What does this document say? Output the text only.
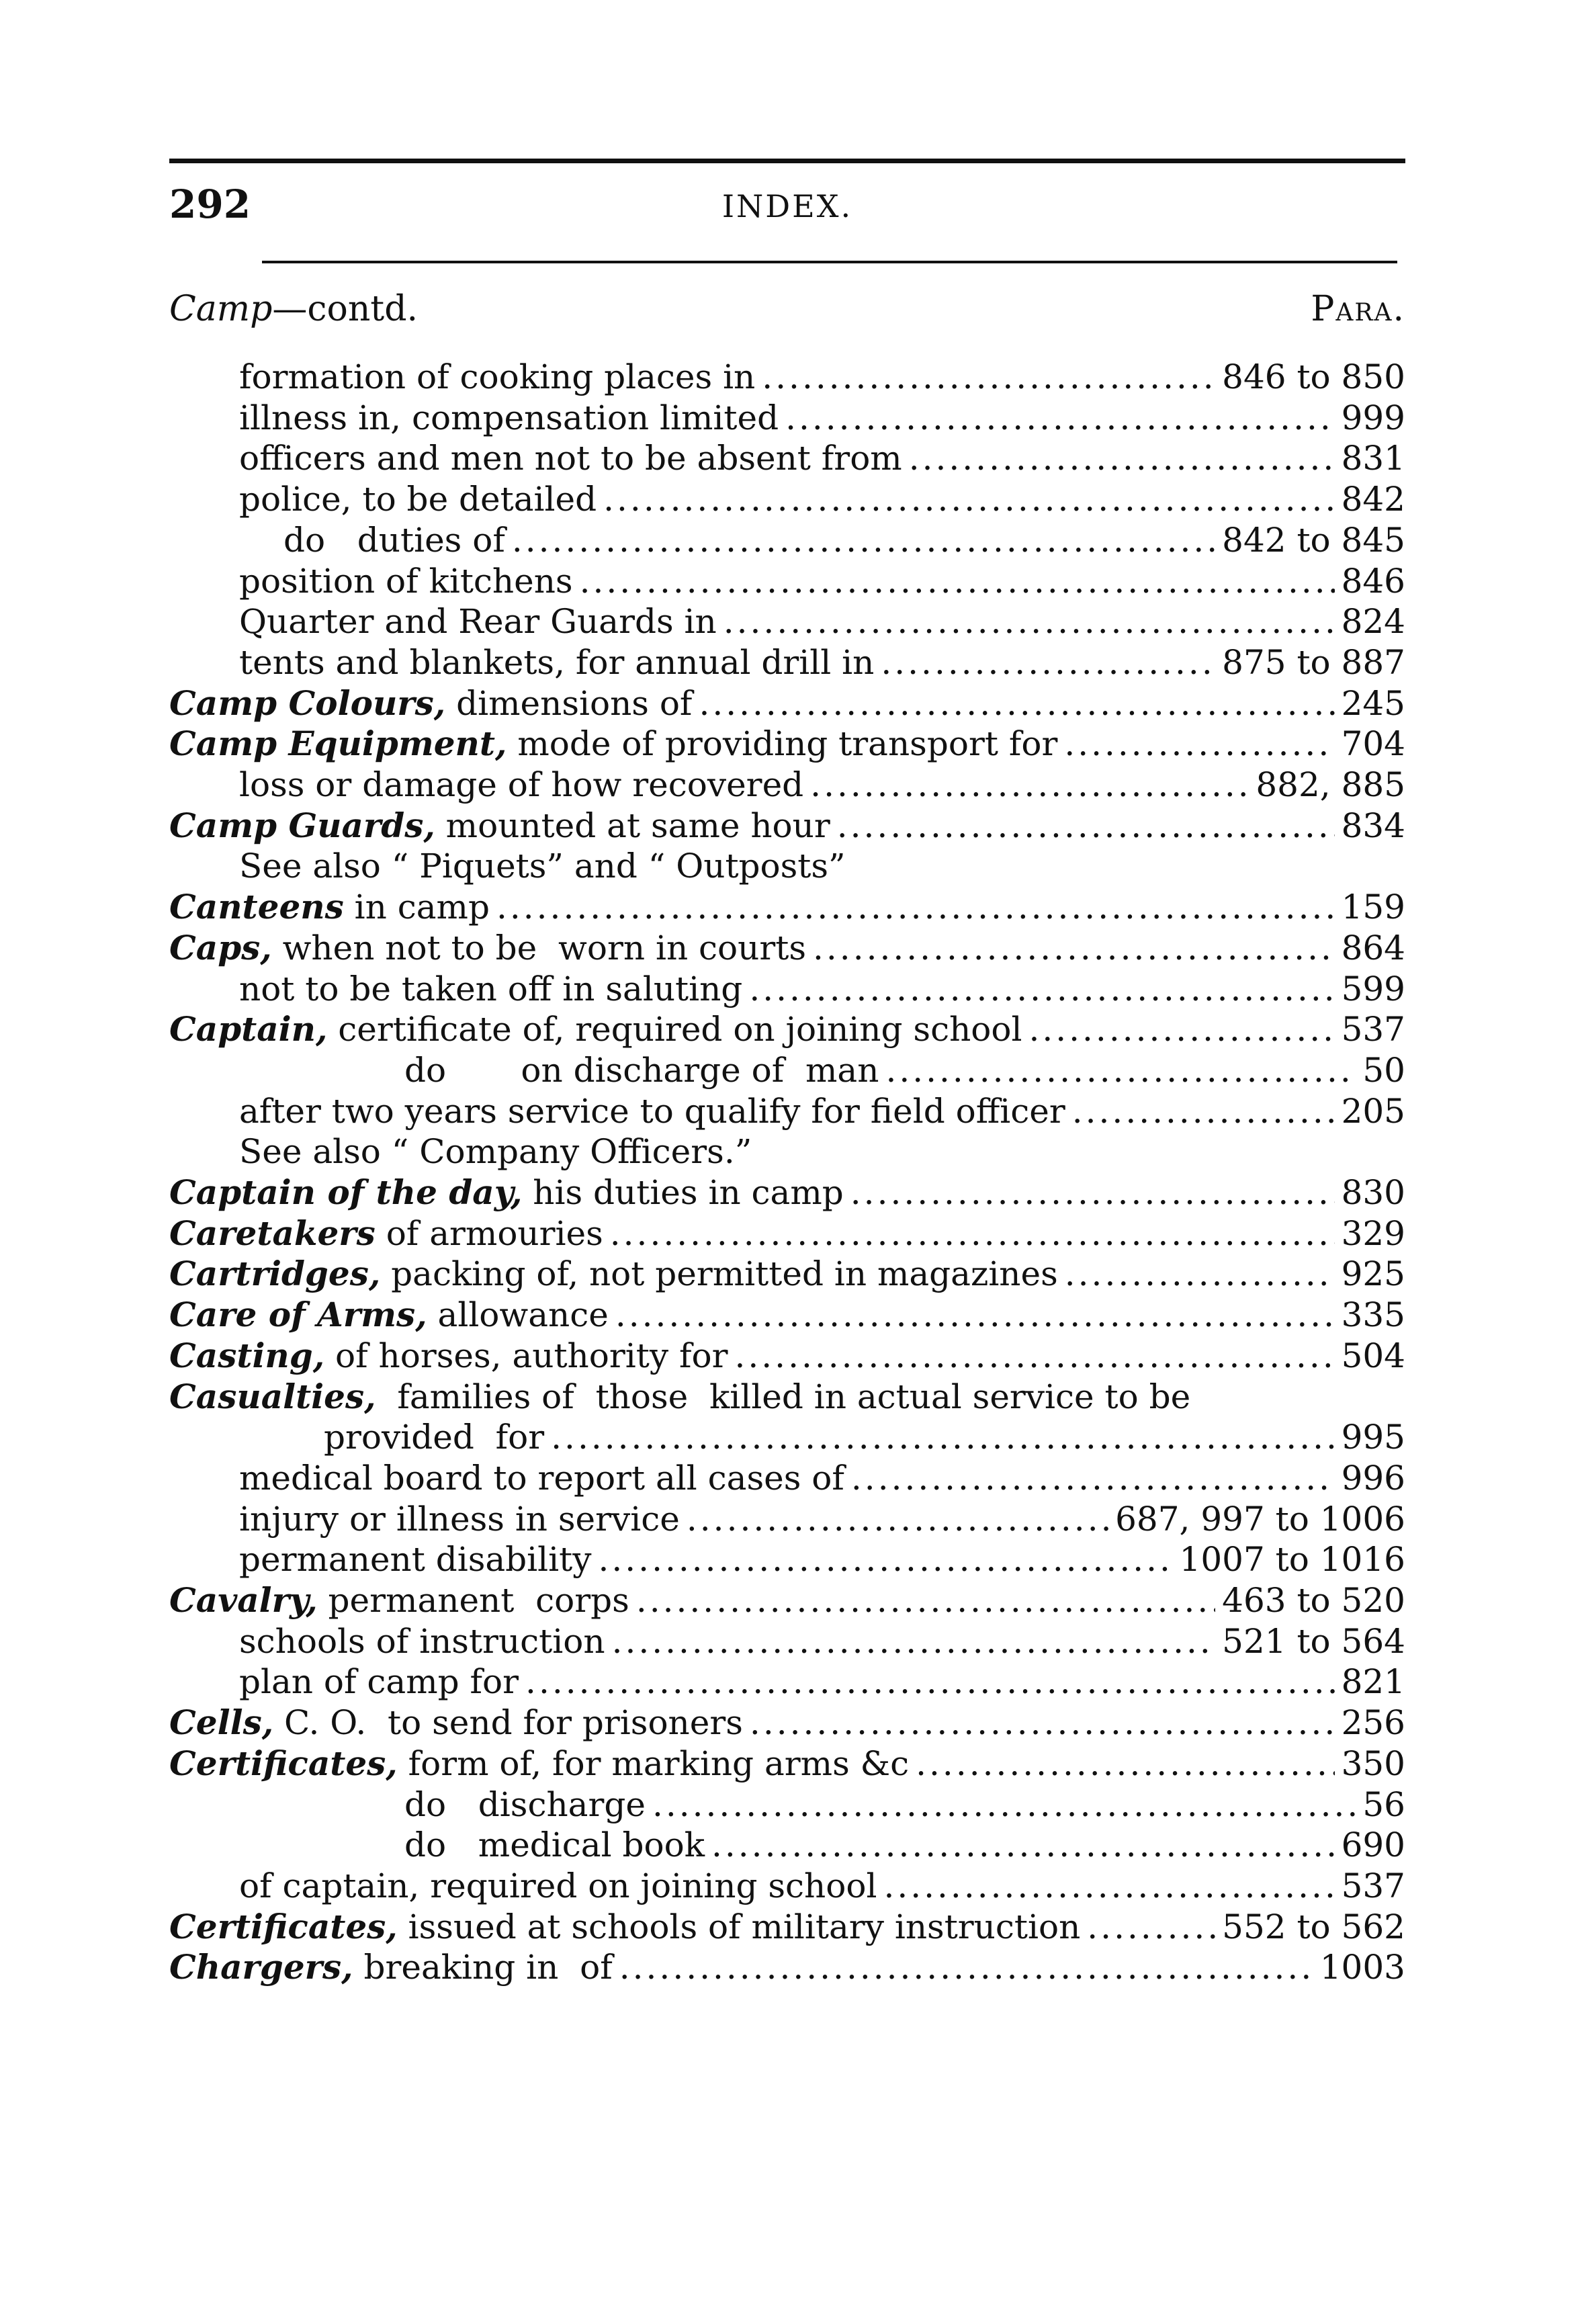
292	INDEX.
Camp—contd.	Para.
formation of cooking places in .....	846 to 850
illness in, compensation limited .....	999
officers and men not to be absent from .....	831
police, to be detailed .....	842
do   duties of .....	842 to 845
position of kitchens .....	846
Quarter and Rear Guards in .....	824
tents and blankets, for annual drill in .....	875 to 887
Camp Colours, dimensions of .....	245
Camp Equipment, mode of providing transport for .....	704
loss or damage of how recovered .....	882, 885
Camp Guards, mounted at same hour .....	834
See also “ Piquets” and “ Outposts”
Canteens in camp .....	159
Caps, when not to be  worn in courts .....	864
not to be taken off in saluting .....	599
Captain, certificate of, required on joining school .....	537
do       on discharge of  man .....	50
after two years service to qualify for field officer .....	205
See also “ Company Officers.”
Captain of the day, his duties in camp .....	830
Caretakers of armouries .....	329
Cartridges, packing of, not permitted in magazines .....	925
Care of Arms, allowance .....	335
Casting, of horses, authority for .....	504
Casualties,  families of  those  killed in actual service to be
provided  for .....	995
medical board to report all cases of .....	996
injury or illness in service .....	687, 997 to 1006
permanent disability .....	1007 to 1016
Cavalry, permanent  corps .....	463 to 520
schools of instruction .....	521 to 564
plan of camp for .....	821
Cells, C. O.  to send for prisoners .....	256
Certificates, form of, for marking arms &c .....	350
do   discharge .....	56
do   medical book .....	690
of captain, required on joining school .....	537
Certificates, issued at schools of military instruction .....	552 to 562
Chargers, breaking in  of .....	1003
